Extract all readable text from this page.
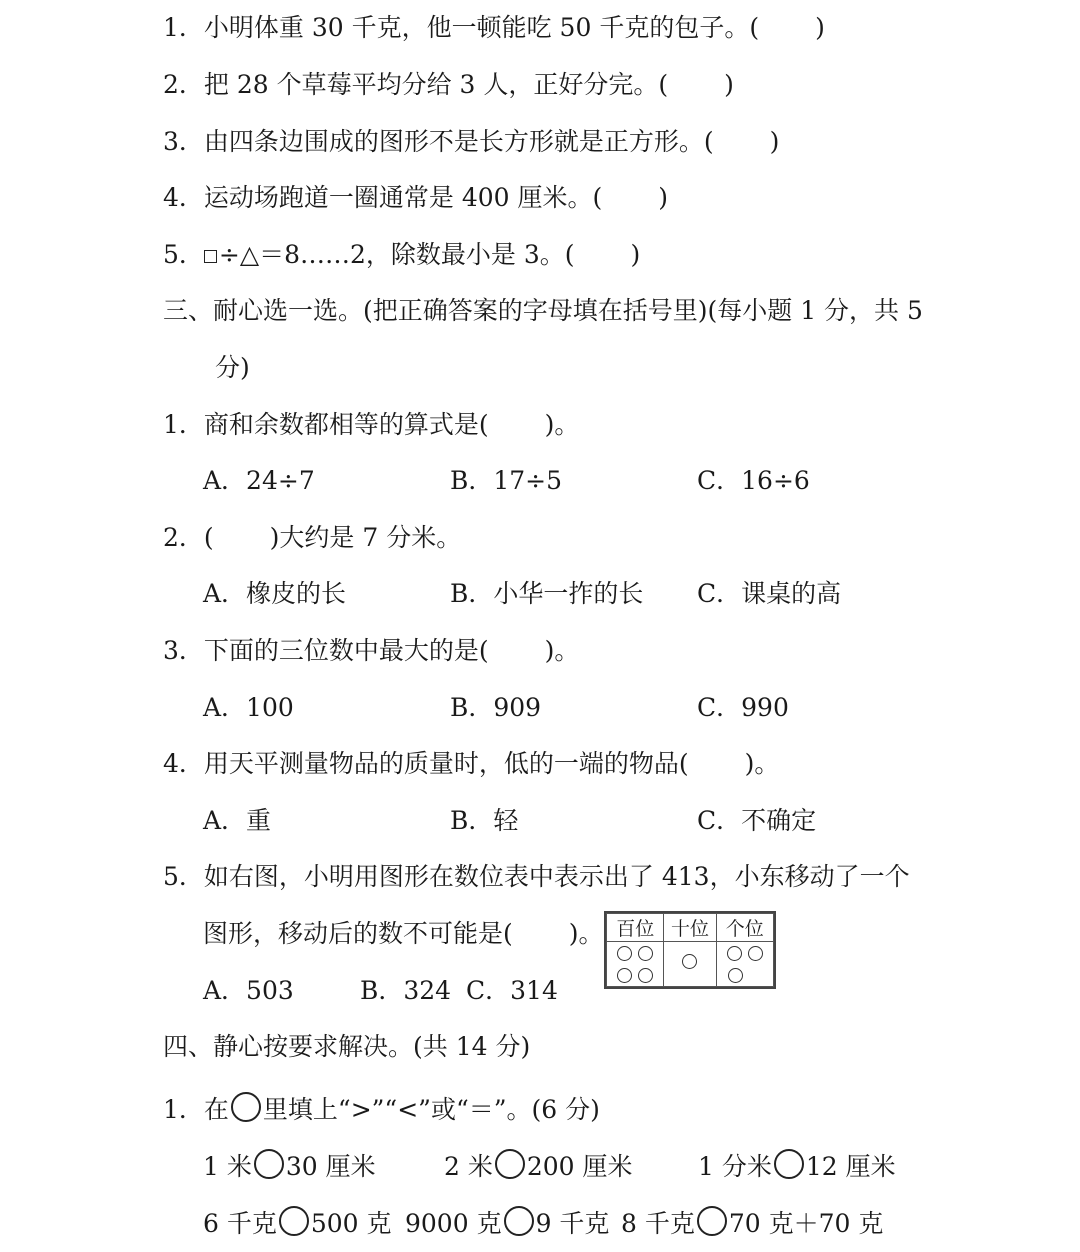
1．小明体重 30 千克，他一顿能吃 50 千克的包子。( )
2．把 28 个草莓平均分给 3 人，正好分完。( )
3．由四条边围成的图形不是长方形就是正方形。( )
4．运动场跑道一圈通常是 400 厘米。( )
5． ÷△＝8……2，除数最小是 3。( )
三、耐心选一选。(把正确答案的字母填在括号里)(每小题 1 分，共 5
分)
1．商和余数都相等的算式是( )。
A．24÷7	B．17÷5	C．16÷6
2．( )大约是 7 分米。
A．橡皮的长	B．小华一拃的长 C．课桌的高
3．下面的三位数中最大的是( )。
A．100	B．909	C．990
4．用天平测量物品的质量时，低的一端的物品( )。
A．重	B．轻	C．不确定
5．如右图，小明用图形在数位表中表示出了 413，小东移动了一个
图形，移动后的数不可能是( )。
A．503	B．324 C．314
百位	十位	个位

四、静心按要求解决。(共 14 分)
1．在 里填上“>”“<”或“＝”。(6 分)
1 米 30 厘米	2 米 200 厘米	1 分米 12 厘米
6 千克 500 克 9000 克 9 千克 8 千克 70 克＋70 克
